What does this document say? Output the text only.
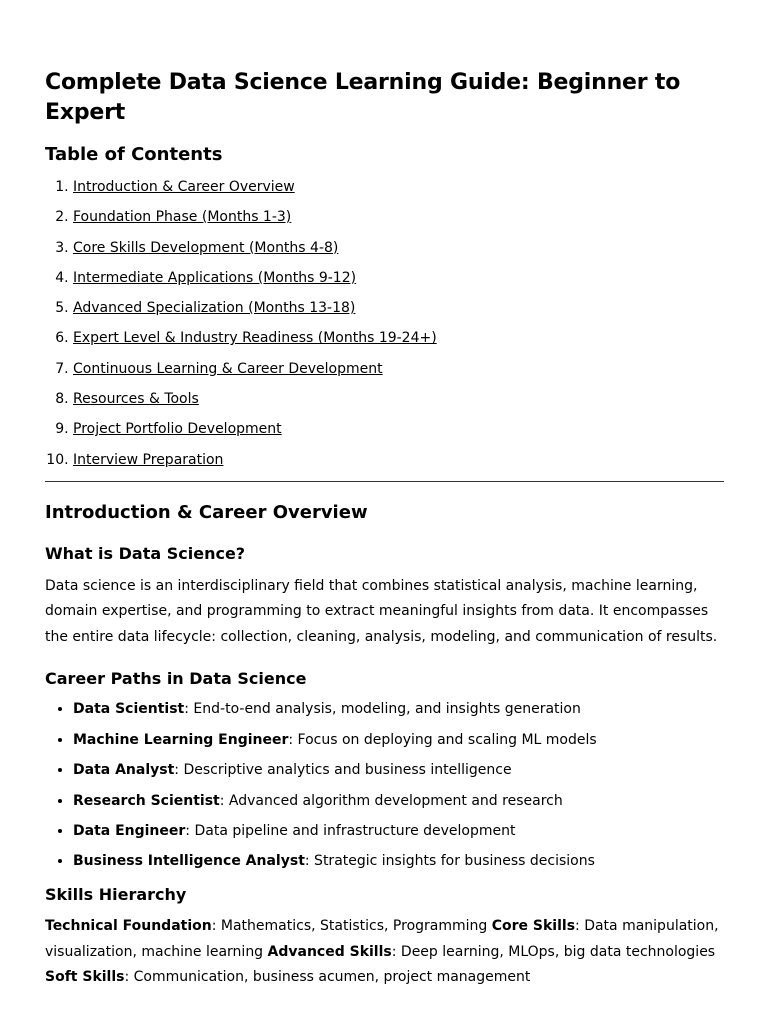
Complete Data Science Learning Guide: Beginner to Expert
Table of Contents
1. Introduction & Career Overview
2. Foundation Phase (Months 1-3)
3. Core Skills Development (Months 4-8)
4. Intermediate Applications (Months 9-12)
5. Advanced Specialization (Months 13-18)
6. Expert Level & Industry Readiness (Months 19-24+)
7. Continuous Learning & Career Development
8. Resources & Tools
9. Project Portfolio Development
10. Interview Preparation
Introduction & Career Overview
What is Data Science?

Data science is an interdisciplinary field that combines statistical analysis, machine learning, domain expertise, and programming to extract meaningful insights from data. It encompasses the entire data lifecycle: collection, cleaning, analysis, modeling, and communication of results.

Career Paths in Data Science
• Data Scientist: End-to-end analysis, modeling, and insights generation
• Machine Learning Engineer: Focus on deploying and scaling ML models
• Data Analyst: Descriptive analytics and business intelligence
• Research Scientist: Advanced algorithm development and research
• Data Engineer: Data pipeline and infrastructure development
• Business Intelligence Analyst: Strategic insights for business decisions
Skills Hierarchy

Technical Foundation: Mathematics, Statistics, Programming Core Skills: Data manipulation, visualization, machine learning Advanced Skills: Deep learning, MLOps, big data technologies Soft Skills: Communication, business acumen, project management
